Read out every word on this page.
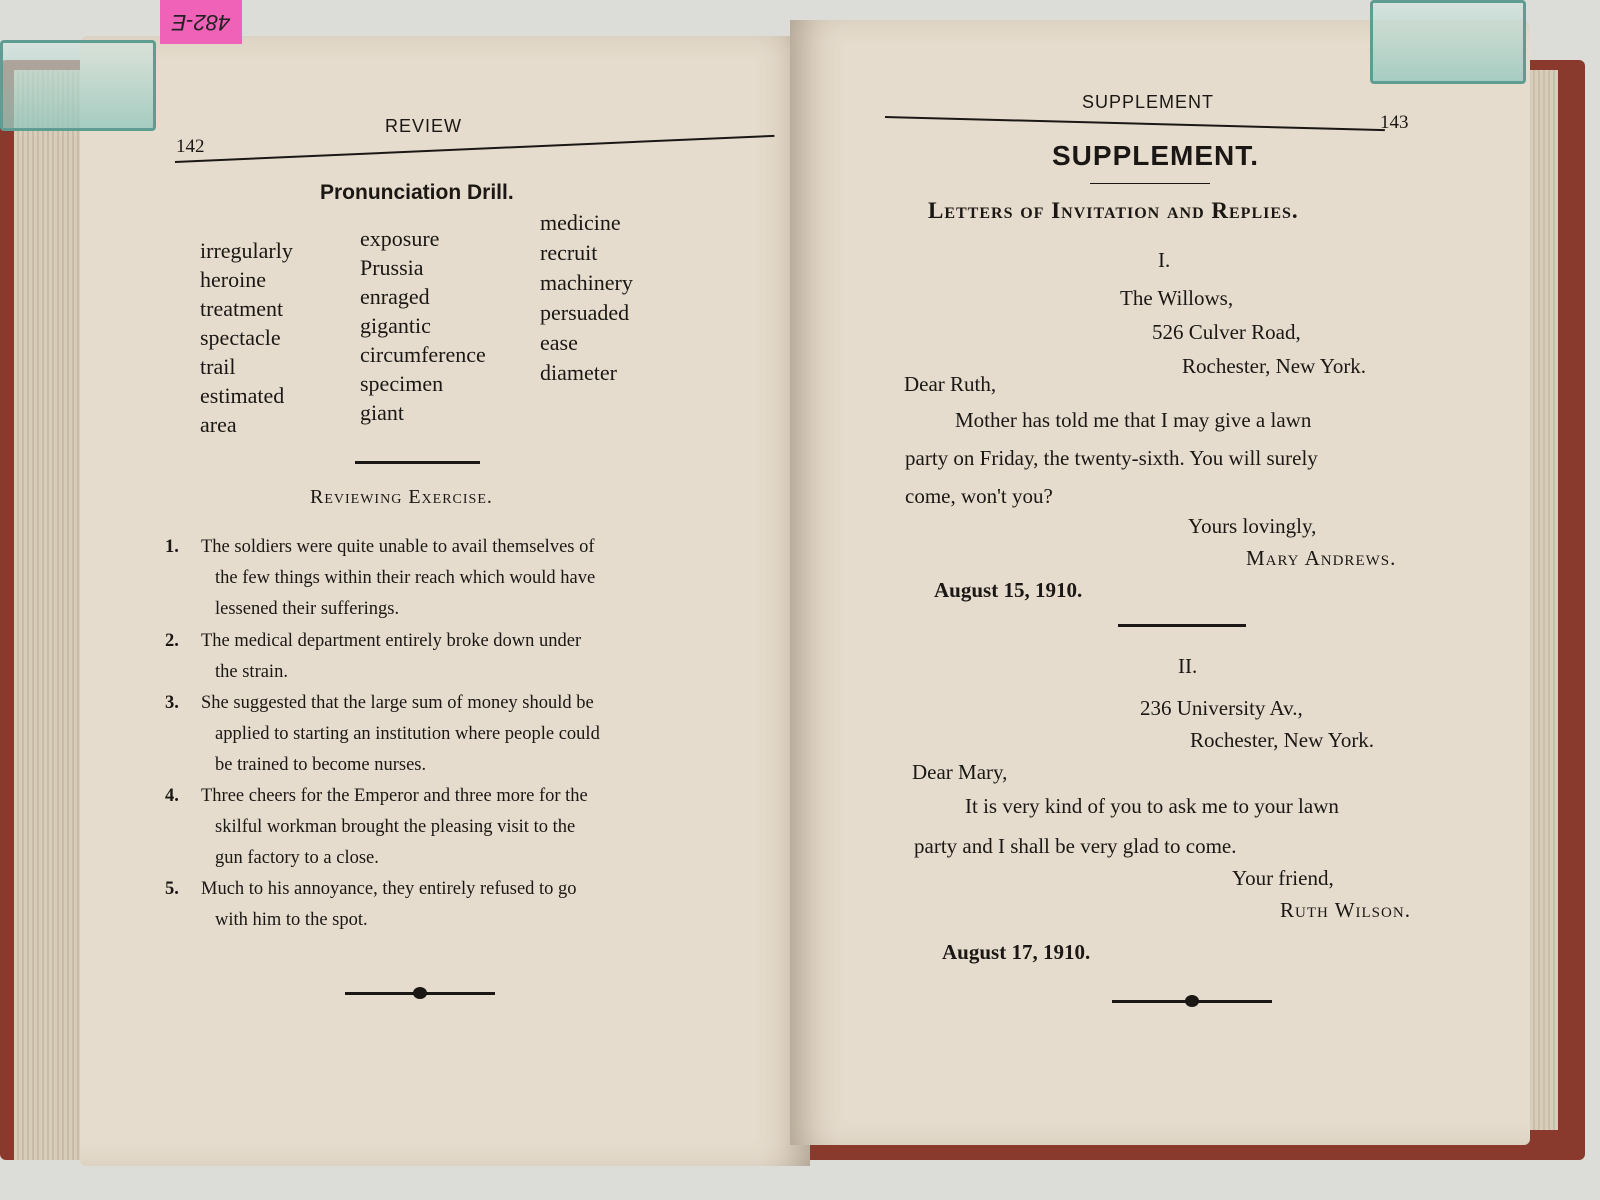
142
REVIEW
Pronunciation Drill.
irregularly
heroine
treatment
spectacle
trail
estimated
area
exposure
Prussia
enraged
gigantic
circumference
specimen
giant
medicine
recruit
machinery
persuaded
ease
diameter
Reviewing Exercise.
1. The soldiers were quite unable to avail themselves of
the few things within their reach which would have
lessened their sufferings.
2. The medical department entirely broke down under
the strain.
3. She suggested that the large sum of money should be
applied to starting an institution where people could
be trained to become nurses.
4. Three cheers for the Emperor and three more for the
skilful workman brought the pleasing visit to the
gun factory to a close.
5. Much to his annoyance, they entirely refused to go
with him to the spot.
SUPPLEMENT
143
SUPPLEMENT.
Letters of Invitation and Replies.
I.
The Willows,
526 Culver Road,
Rochester, New York.
Dear Ruth,
Mother has told me that I may give a lawn
party on Friday, the twenty-sixth. You will surely
come, won't you?
Yours lovingly,
Mary Andrews.
August 15, 1910.
II.
236 University Av.,
Rochester, New York.
Dear Mary,
It is very kind of you to ask me to your lawn
party and I shall be very glad to come.
Your friend,
Ruth Wilson.
August 17, 1910.
482-E
